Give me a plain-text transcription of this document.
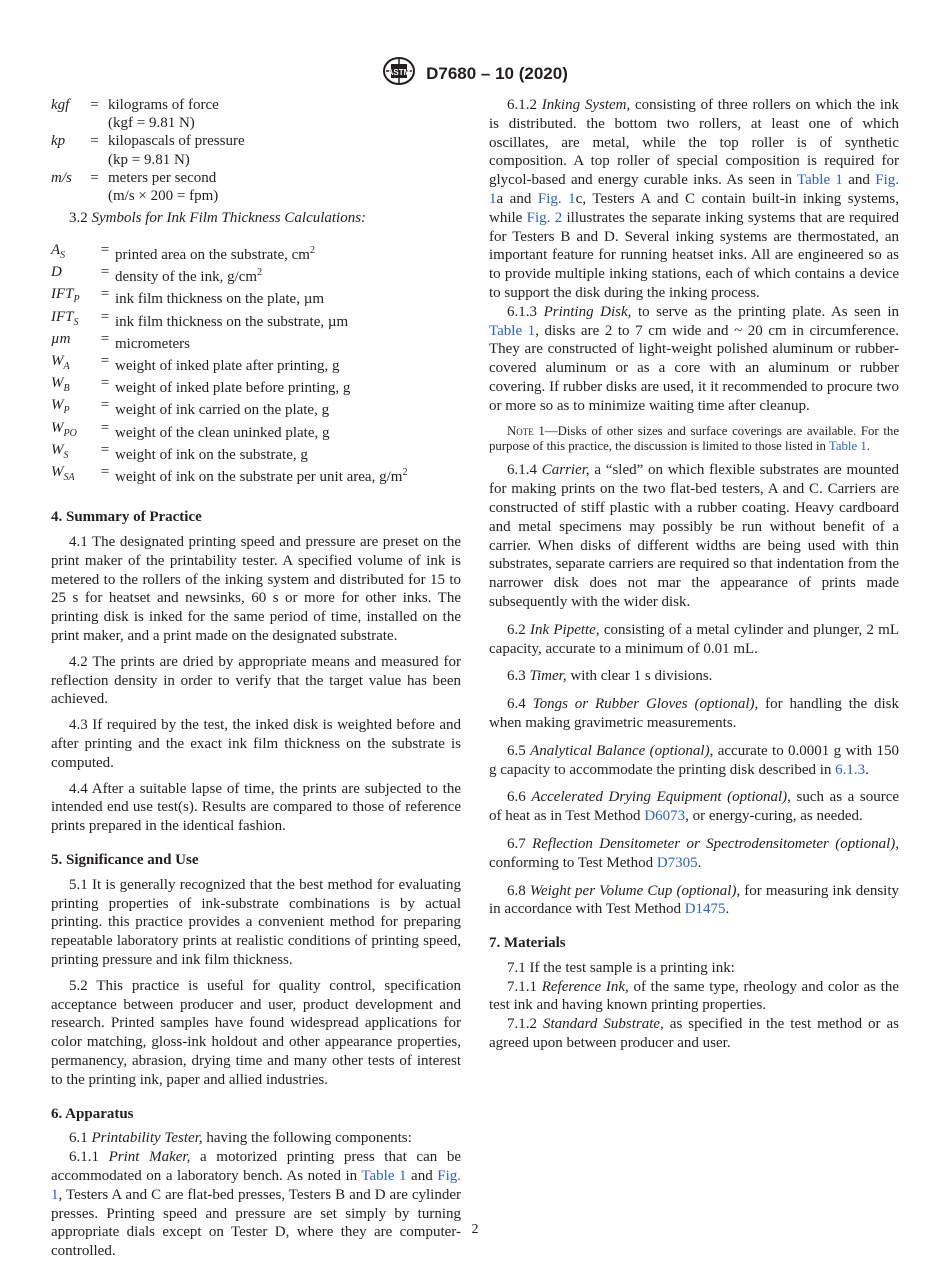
ASTM D7680 – 10 (2020)
kgf	=	kilograms of force
		(kgf = 9.81 N)
kp	=	kilopascals of pressure
		(kp = 9.81 N)
m/s	=	meters per second
		(m/s × 200 = fpm)

3.2 Symbols for Ink Film Thickness Calculations:

$A_S$	=	printed area on the substrate, $cm^2$
D	=	density of the ink, $g/cm^2$
$IFT_P$	=	ink film thickness on the plate, µm
$IFT_S$	=	ink film thickness on the substrate, µm
µm	=	micrometers
$W_A$	=	weight of inked plate after printing, g
$W_B$	=	weight of inked plate before printing, g
$W_P$	=	weight of ink carried on the plate, g
$W_{PO}$	=	weight of the clean uninked plate, g
$W_S$	=	weight of ink on the substrate, g
$W_{SA}$	=	weight of ink on the substrate per unit area, $g/m^2$

4. Summary of Practice

4.1 The designated printing speed and pressure are preset on the print maker of the printability tester. A specified volume of ink is metered to the rollers of the inking system and distributed for 15 to 25 s for heatset and newsinks, 60 s or more for other inks. The printing disk is inked for the same period of time, installed on the print maker, and a print made on the designated substrate.

4.2 The prints are dried by appropriate means and measured for reflection density in order to verify that the target value has been achieved.

4.3 If required by the test, the inked disk is weighted before and after printing and the exact ink film thickness on the substrate is computed.

4.4 After a suitable lapse of time, the prints are subjected to the intended end use test(s). Results are compared to those of reference prints prepared in the identical fashion.

5. Significance and Use

5.1 It is generally recognized that the best method for evaluating printing properties of ink-substrate combinations is by actual printing. this practice provides a convenient method for preparing repeatable laboratory prints at realistic conditions of printing speed, printing pressure and ink film thickness.

5.2 This practice is useful for quality control, specification acceptance between producer and user, product development and research. Printed samples have found widespread applications for color matching, gloss-ink holdout and other appearance properties, permanency, abrasion, drying time and many other tests of interest to the printing ink, paper and allied industries.

6. Apparatus

6.1 Printability Tester, having the following components:

6.1.1 Print Maker, a motorized printing press that can be accommodated on a laboratory bench. As noted in Table 1 and Fig. 1, Testers A and C are flat-bed presses, Testers B and D are cylinder presses. Printing speed and pressure are set simply by turning appropriate dials except on Tester D, where they are computer-controlled.

6.1.2 Inking System, consisting of three rollers on which the ink is distributed. the bottom two rollers, at least one of which oscillates, are metal, while the top roller is of synthetic composition. A top roller of special composition is required for glycol-based and energy curable inks. As seen in Table 1 and Fig. 1a and Fig. 1c, Testers A and C contain built-in inking systems, while Fig. 2 illustrates the separate inking systems that are required for Testers B and D. Several inking systems are thermostated, an important feature for running heatset inks. All are engineered so as to provide multiple inking stations, each of which contains a device to support the disk during the inking process.

6.1.3 Printing Disk, to serve as the printing plate. As seen in Table 1, disks are 2 to 7 cm wide and ~ 20 cm in circumference. They are constructed of light-weight polished aluminum or rubber-covered aluminum or as a core with an aluminum or rubber covering. If rubber disks are used, it it recommended to procure two or more so as to minimize waiting time after cleanup.

Note 1—Disks of other sizes and surface coverings are available. For the purpose of this practice, the discussion is limited to those listed in Table 1.

6.1.4 Carrier, a “sled” on which flexible substrates are mounted for making prints on the two flat-bed testers, A and C. Carriers are constructed of stiff plastic with a rubber coating. Heavy cardboard and metal specimens may possibly be run without benefit of a carrier. When disks of different widths are being used with thin substrates, separate carriers are required so that indentation from the narrower disk does not mar the appearance of prints made subsequently with the wider disk.

6.2 Ink Pipette, consisting of a metal cylinder and plunger, 2 mL capacity, accurate to a minimum of 0.01 mL.

6.3 Timer, with clear 1 s divisions.

6.4 Tongs or Rubber Gloves (optional), for handling the disk when making gravimetric measurements.

6.5 Analytical Balance (optional), accurate to 0.0001 g with 150 g capacity to accommodate the printing disk described in 6.1.3.

6.6 Accelerated Drying Equipment (optional), such as a source of heat as in Test Method D6073, or energy-curing, as needed.

6.7 Reflection Densitometer or Spectrodensitometer (optional), conforming to Test Method D7305.

6.8 Weight per Volume Cup (optional), for measuring ink density in accordance with Test Method D1475.

7. Materials

7.1 If the test sample is a printing ink:

7.1.1 Reference Ink, of the same type, rheology and color as the test ink and having known printing properties.

7.1.2 Standard Substrate, as specified in the test method or as agreed upon between producer and user.

2
